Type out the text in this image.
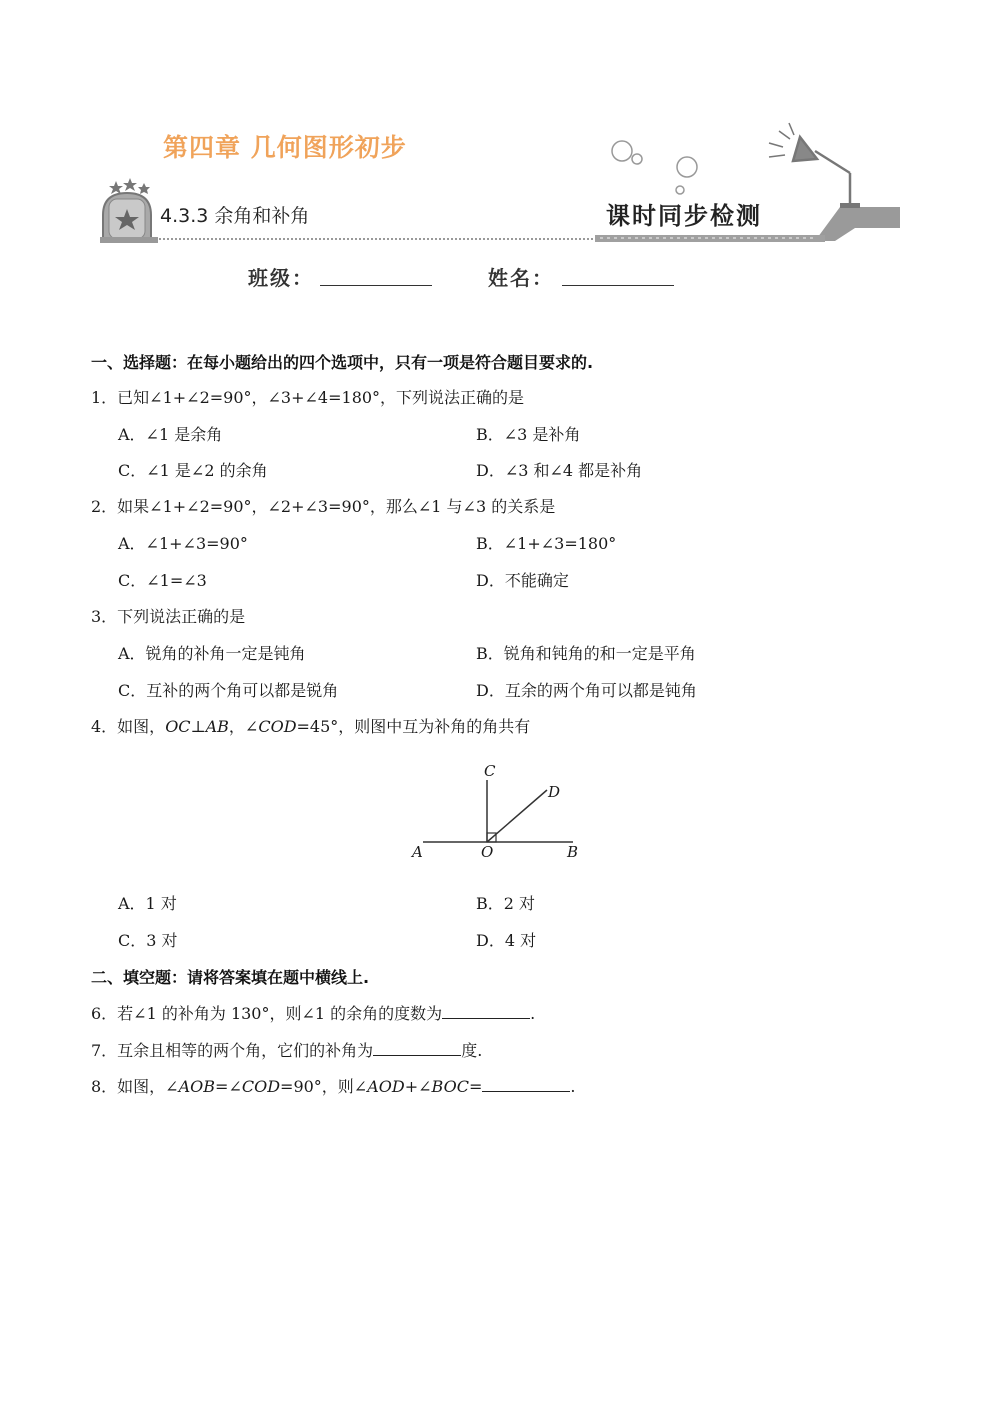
第四章 几何图形初步
4.3.3 余角和补角	课时同步检测
班级：	姓名：
一、选择题：在每小题给出的四个选项中，只有一项是符合题目要求的.
1．已知∠1+∠2=90°，∠3+∠4=180°，下列说法正确的是
A．∠1 是余角	B．∠3 是补角
C．∠1 是∠2 的余角	D．∠3 和∠4 都是补角
2．如果∠1+∠2=90°，∠2+∠3=90°，那么∠1 与∠3 的关系是
A．∠1+∠3=90°	B．∠1+∠3=180°
C．∠1=∠3	D．不能确定
3．下列说法正确的是
A．锐角的补角一定是钝角	B．锐角和钝角的和一定是平角
C．互补的两个角可以都是锐角	D．互余的两个角可以都是钝角
4．如图，OC⊥AB，∠COD=45°，则图中互为补角的角共有
C
D
A	O	B
A．1 对	B．2 对
C．3 对	D．4 对
二、填空题：请将答案填在题中横线上.
6．若∠1 的补角为 130°，则∠1 的余角的度数为	.
7．互余且相等的两个角，它们的补角为	度.
8．如图，∠AOB=∠COD=90°，则∠AOD+∠BOC=	.
